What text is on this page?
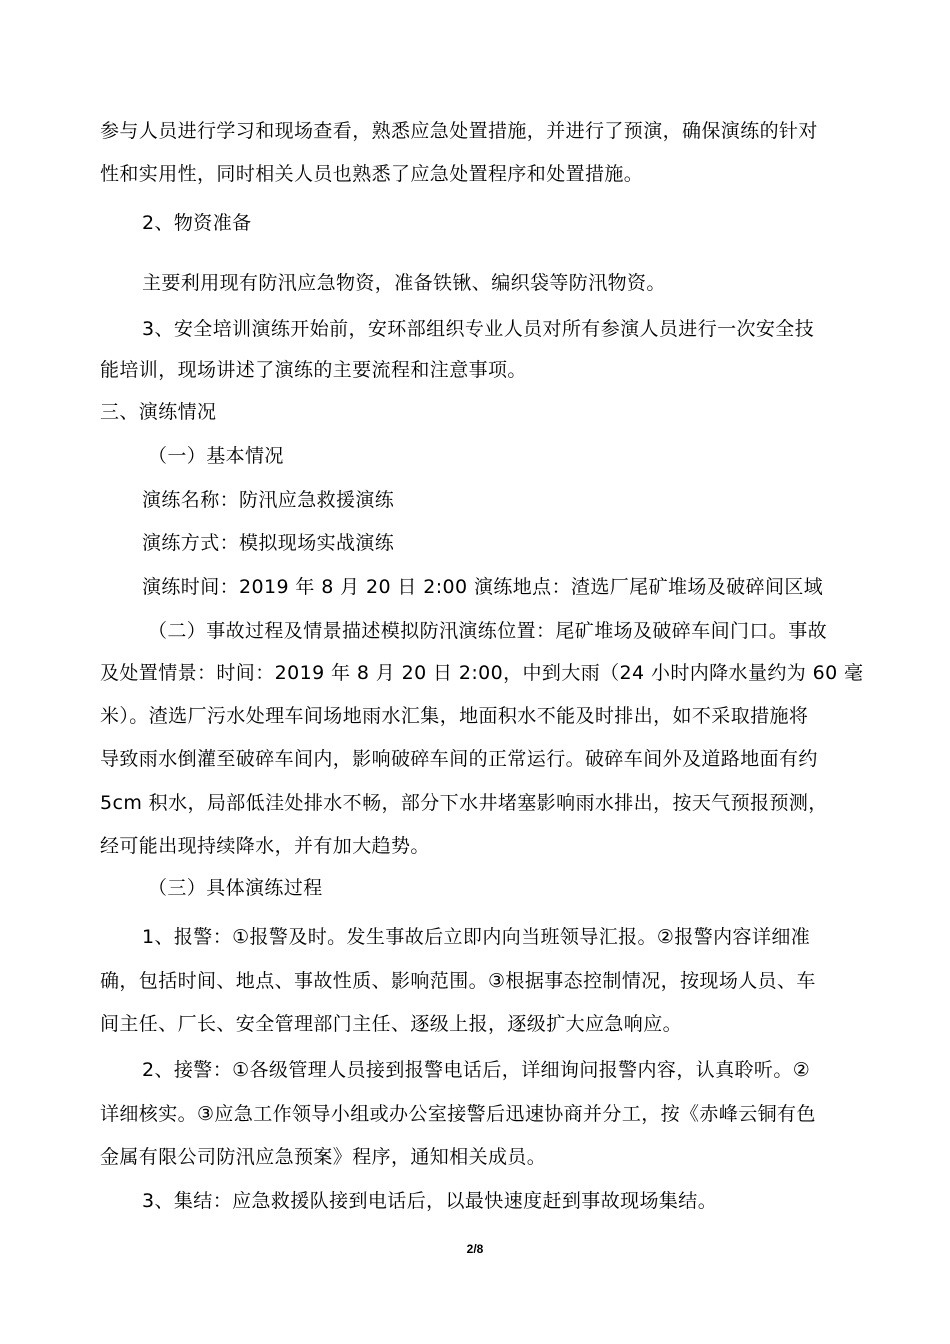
参与人员进行学习和现场查看，熟悉应急处置措施，并进行了预演，确保演练的针对
性和实用性，同时相关人员也熟悉了应急处置程序和处置措施。
2、物资准备
主要利用现有防汛应急物资，准备铁锹、编织袋等防汛物资。
3、安全培训演练开始前，安环部组织专业人员对所有参演人员进行一次安全技
能培训，现场讲述了演练的主要流程和注意事项。
三、演练情况
（一）基本情况
演练名称：防汛应急救援演练
演练方式：模拟现场实战演练
演练时间：2019 年 8 月 20 日 2:00 演练地点：渣选厂尾矿堆场及破碎间区域
（二）事故过程及情景描述模拟防汛演练位置：尾矿堆场及破碎车间门口。事故
及处置情景：时间：2019 年 8 月 20 日 2:00，中到大雨（24 小时内降水量约为 60 毫
米）。渣选厂污水处理车间场地雨水汇集，地面积水不能及时排出，如不采取措施将
导致雨水倒灌至破碎车间内，影响破碎车间的正常运行。破碎车间外及道路地面有约
5cm 积水，局部低洼处排水不畅，部分下水井堵塞影响雨水排出，按天气预报预测，
经可能出现持续降水，并有加大趋势。
（三）具体演练过程
1、报警：①报警及时。发生事故后立即内向当班领导汇报。②报警内容详细准
确，包括时间、地点、事故性质、影响范围。③根据事态控制情况，按现场人员、车
间主任、厂长、安全管理部门主任、逐级上报，逐级扩大应急响应。
2、接警：①各级管理人员接到报警电话后，详细询问报警内容，认真聆听。②
详细核实。③应急工作领导小组或办公室接警后迅速协商并分工，按《赤峰云铜有色
金属有限公司防汛应急预案》程序，通知相关成员。
3、集结：应急救援队接到电话后，以最快速度赶到事故现场集结。
2/8
